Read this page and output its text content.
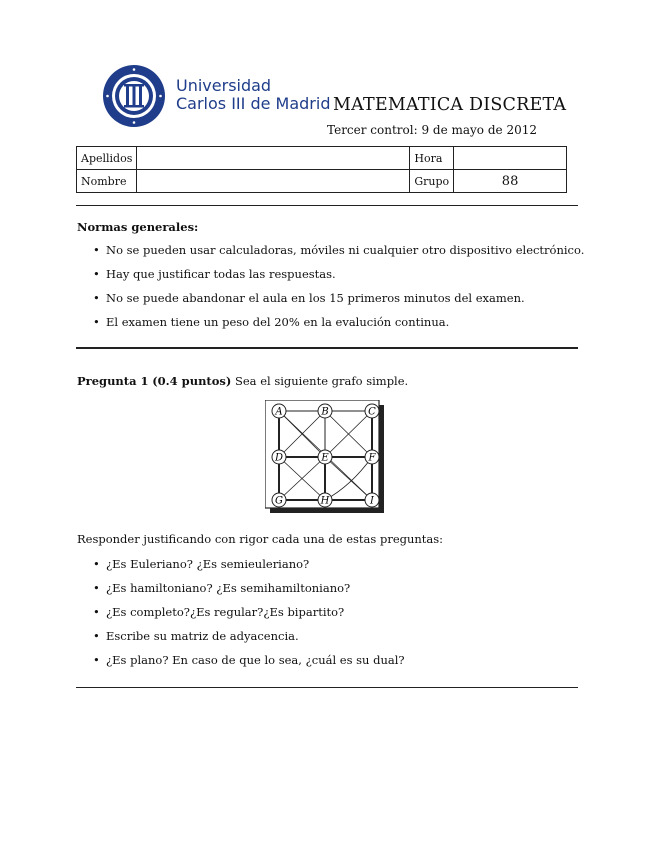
Universidad
Carlos III de Madrid MATEMATICA DISCRETA
Tercer control: 9 de mayo de 2012
Apellidos		Hora	
Nombre		Grupo	88
Normas generales:
• No se pueden usar calculadoras, móviles ni cualquier otro dispositivo electrónico.
• Hay que justificar todas las respuestas.
• No se puede abandonar el aula en los 15 primeros minutos del examen.
• El examen tiene un peso del 20% en la evalución continua.
Pregunta 1 (0.4 puntos) Sea el siguiente grafo simple.
A	B	C
D	E	F
G	H	I
Responder justificando con rigor cada una de estas preguntas:
• ¿Es Euleriano? ¿Es semieuleriano?
• ¿Es hamiltoniano? ¿Es semihamiltoniano?
• ¿Es completo?¿Es regular?¿Es bipartito?
• Escribe su matriz de adyacencia.
• ¿Es plano? En caso de que lo sea, ¿cuál es su dual?
